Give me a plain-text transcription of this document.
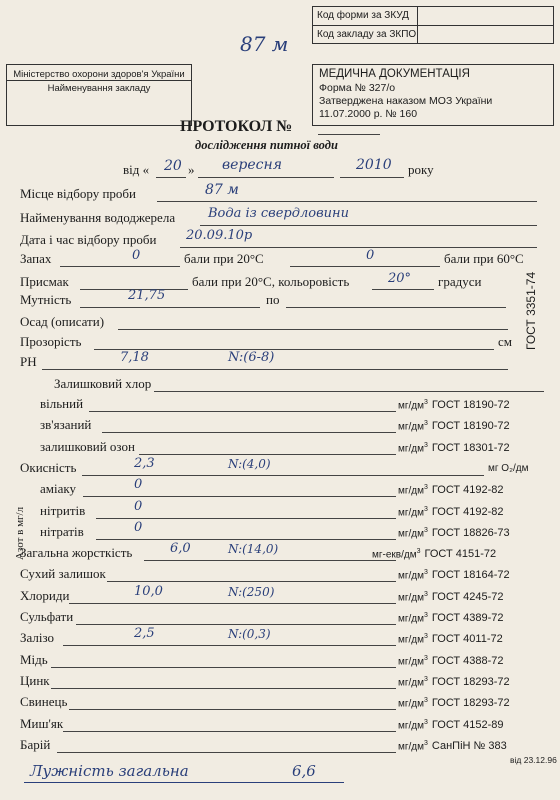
Код форми за ЗКУД
Код закладу за ЗКПО
87 м
Міністерство охорони здоров'я України
Найменування закладу
МЕДИЧНА ДОКУМЕНТАЦІЯ
Форма № 327/о
Затверджена наказом МОЗ України
11.07.2000 р. № 160
ПРОТОКОЛ №
дослідження питної води
від « 20 » вересня	2010 року
Місце відбору проби	87 м
Найменування вододжерела	Вода із свердловини
Дата і час відбору проби 20.09.10р
Запах	0	бали при 20°С	0	бали при 60°С
Присмак	бали при 20°С, кольоровість	20° градуси
Мутність	21,75	по
Осад (описати)
Прозорість	см
PH	7,18	N:(6-8)
ГОСТ 3351-74
Залишковий хлор
Азот в мг/л
вільний	$мг/дм^3$ ГОСТ 18190-72
зв'язаний	$мг/дм^3$ ГОСТ 18190-72
залишковий озон	$мг/дм^3$ ГОСТ 18301-72
Окисність	2,3	N:(4,0)	мг О₂/дм
аміаку	0	$мг/дм^3$ ГОСТ 4192-82
нітритів	0	$мг/дм^3$ ГОСТ 4192-82
нітратів	0	$мг/дм^3$ ГОСТ 18826-73
Загальна жорсткість	6,0	N:(14,0)	$мг-екв/дм^3$ ГОСТ 4151-72
Сухий залишок	$мг/дм^3$ ГОСТ 18164-72
Хлориди	10,0	N:(250)	$мг/дм^3$ ГОСТ 4245-72
Сульфати	$мг/дм^3$ ГОСТ 4389-72
Залізо	2,5	N:(0,3)	$мг/дм^3$ ГОСТ 4011-72
Мідь	$мг/дм^3$ ГОСТ 4388-72
Цинк	$мг/дм^3$ ГОСТ 18293-72
Свинець	$мг/дм^3$ ГОСТ 18293-72
Миш'як	$мг/дм^3$ ГОСТ 4152-89
Барій	$мг/дм^3$ СанПіН № 383
від 23.12.96
Лужність загальна	6,6
